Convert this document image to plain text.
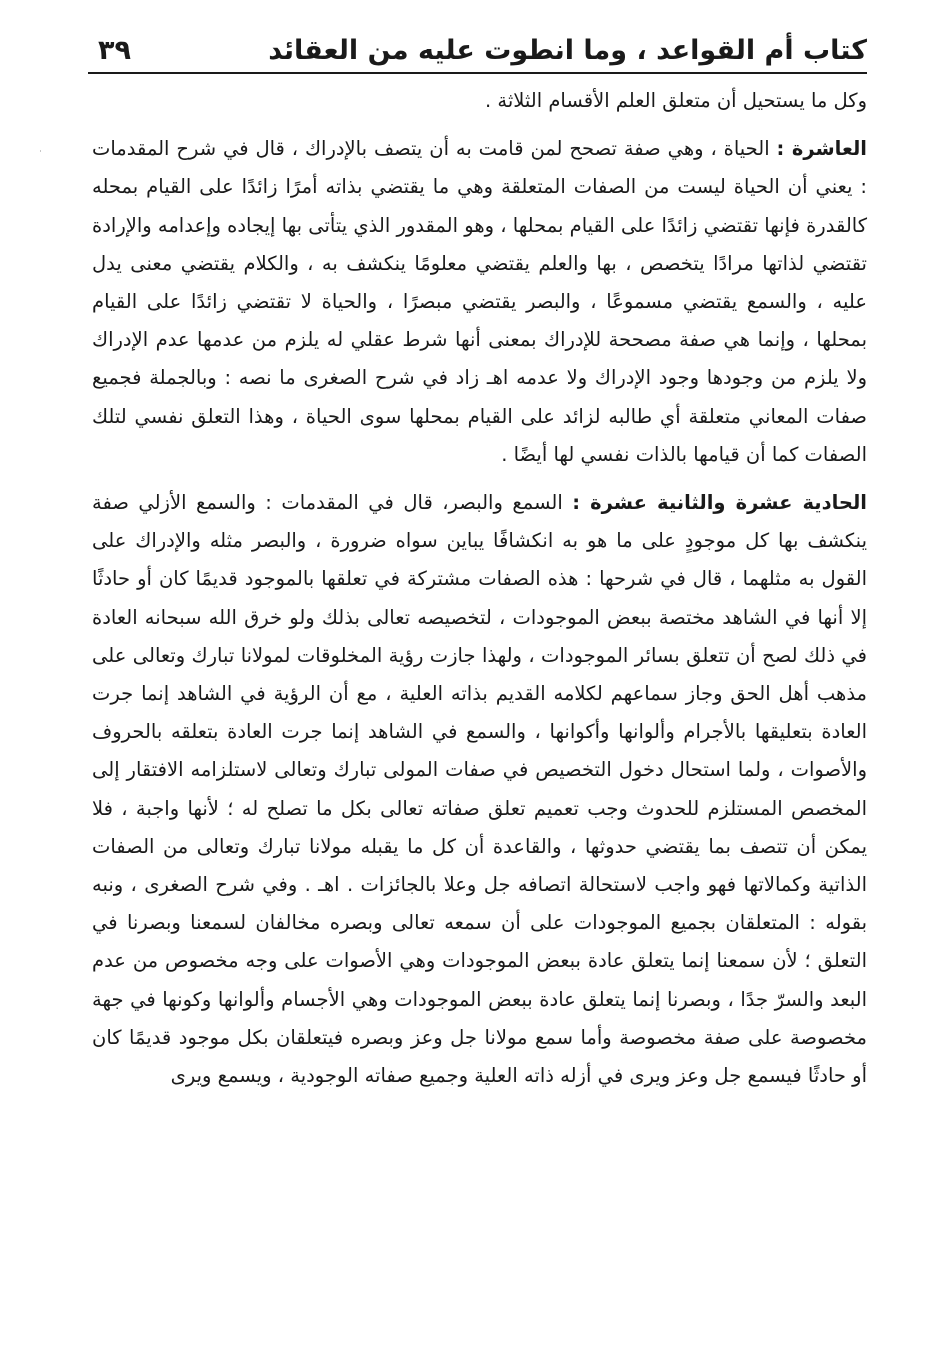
كتاب أم القواعد ، وما انطوت عليه من العقائد
٣٩

وكل ما يستحيل أن متعلق العلم الأقسام الثلاثة .

العاشرة : الحياة ، وهي صفة تصحح لمن قامت به أن يتصف بالإدراك ، قال في شرح المقدمات : يعني أن الحياة ليست من الصفات المتعلقة وهي ما يقتضي بذاته أمرًا زائدًا على القيام بمحله كالقدرة فإنها تقتضي زائدًا على القيام بمحلها ، وهو المقدور الذي يتأتى بها إيجاده وإعدامه والإرادة تقتضي لذاتها مرادًا يتخصص ، بها والعلم يقتضي معلومًا ينكشف به ، والكلام يقتضي معنى يدل عليه ، والسمع يقتضي مسموعًا ، والبصر يقتضي مبصرًا ، والحياة لا تقتضي زائدًا على القيام بمحلها ، وإنما هي صفة مصححة للإدراك بمعنى أنها شرط عقلي له يلزم من عدمها عدم الإدراك ولا يلزم من وجودها وجود الإدراك ولا عدمه اهـ زاد في شرح الصغرى ما نصه : وبالجملة فجميع صفات المعاني متعلقة أي طالبه لزائد على القيام بمحلها سوى الحياة ، وهذا التعلق نفسي لتلك الصفات كما أن قيامها بالذات نفسي لها أيضًا .

الحادية عشرة والثانية عشرة : السمع والبصر، قال في المقدمات : والسمع الأزلي صفة ينكشف بها كل موجودٍ على ما هو به انكشافًا يباين سواه ضرورة ، والبصر مثله والإدراك على القول به مثلهما ، قال في شرحها : هذه الصفات مشتركة في تعلقها بالموجود قديمًا كان أو حادثًا إلا أنها في الشاهد مختصة ببعض الموجودات ، لتخصيصه تعالى بذلك ولو خرق الله سبحانه العادة في ذلك لصح أن تتعلق بسائر الموجودات ، ولهذا جازت رؤية المخلوقات لمولانا تبارك وتعالى على مذهب أهل الحق وجاز سماعهم لكلامه القديم بذاته العلية ، مع أن الرؤية في الشاهد إنما جرت العادة بتعليقها بالأجرام وألوانها وأكوانها ، والسمع في الشاهد إنما جرت العادة بتعلقه بالحروف والأصوات ، ولما استحال دخول التخصيص في صفات المولى تبارك وتعالى لاستلزامه الافتقار إلى المخصص المستلزم للحدوث وجب تعميم تعلق صفاته تعالى بكل ما تصلح له ؛ لأنها واجبة ، فلا يمكن أن تتصف بما يقتضي حدوثها ، والقاعدة أن كل ما يقبله مولانا تبارك وتعالى من الصفات الذاتية وكمالاتها فهو واجب لاستحالة اتصافه جل وعلا بالجائزات . اهـ . وفي شرح الصغرى ، ونبه بقوله : المتعلقان بجميع الموجودات على أن سمعه تعالى وبصره مخالفان لسمعنا وبصرنا في التعلق ؛ لأن سمعنا إنما يتعلق عادة ببعض الموجودات وهي الأصوات على وجه مخصوص من عدم البعد والسرّ جدًا ، وبصرنا إنما يتعلق عادة ببعض الموجودات وهي الأجسام وألوانها وكونها في جهة مخصوصة على صفة مخصوصة وأما سمع مولانا جل وعز وبصره فيتعلقان بكل موجود قديمًا كان أو حادثًا فيسمع جل وعز ويرى في أزله ذاته العلية وجميع صفاته الوجودية ، ويسمع ويرى
